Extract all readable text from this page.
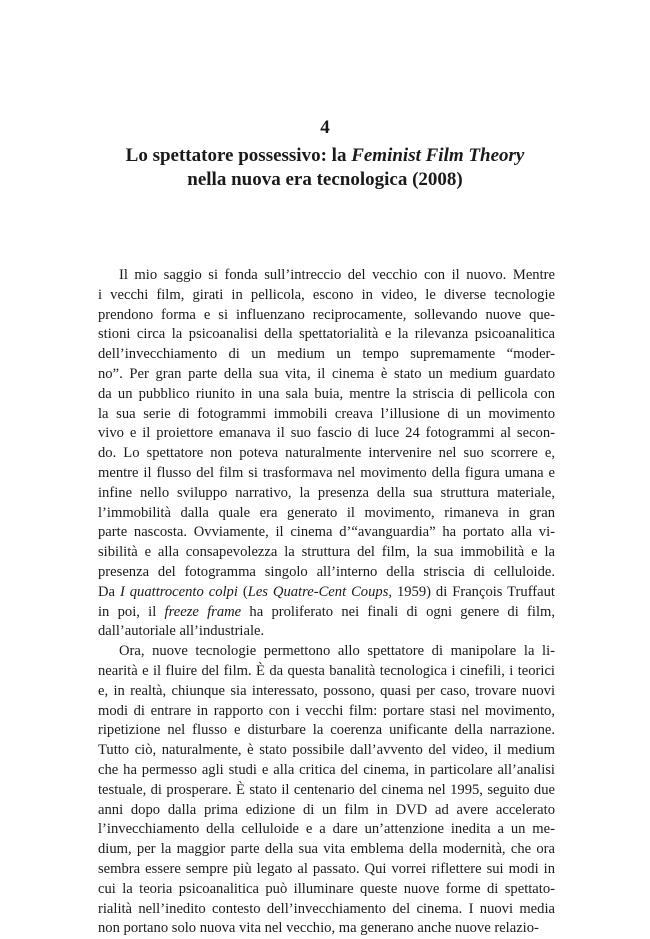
4
Lo spettatore possessivo: la Feminist Film Theory
nella nuova era tecnologica (2008)
Il mio saggio si fonda sull’intreccio del vecchio con il nuovo. Mentre
i vecchi film, girati in pellicola, escono in video, le diverse tecnologie
prendono forma e si influenzano reciprocamente, sollevando nuove que-
stioni circa la psicoanalisi della spettatorialità e la rilevanza psicoanalitica
dell’invecchiamento di un medium un tempo supremamente “moder-
no”. Per gran parte della sua vita, il cinema è stato un medium guardato
da un pubblico riunito in una sala buia, mentre la striscia di pellicola con
la sua serie di fotogrammi immobili creava l’illusione di un movimento
vivo e il proiettore emanava il suo fascio di luce 24 fotogrammi al secon-
do. Lo spettatore non poteva naturalmente intervenire nel suo scorrere e,
mentre il flusso del film si trasformava nel movimento della figura umana e
infine nello sviluppo narrativo, la presenza della sua struttura materiale,
l’immobilità dalla quale era generato il movimento, rimaneva in gran
parte nascosta. Ovviamente, il cinema d’“avanguardia” ha portato alla vi-
sibilità e alla consapevolezza la struttura del film, la sua immobilità e la
presenza del fotogramma singolo all’interno della striscia di celluloide.
Da I quattrocento colpi (Les Quatre-Cent Coups, 1959) di François Truffaut
in poi, il freeze frame ha proliferato nei finali di ogni genere di film,
dall’autoriale all’industriale.
Ora, nuove tecnologie permettono allo spettatore di manipolare la li-
nearità e il fluire del film. È da questa banalità tecnologica i cinefili, i teorici
e, in realtà, chiunque sia interessato, possono, quasi per caso, trovare nuovi
modi di entrare in rapporto con i vecchi film: portare stasi nel movimento,
ripetizione nel flusso e disturbare la coerenza unificante della narrazione.
Tutto ciò, naturalmente, è stato possibile dall’avvento del video, il medium
che ha permesso agli studi e alla critica del cinema, in particolare all’analisi
testuale, di prosperare. È stato il centenario del cinema nel 1995, seguito due
anni dopo dalla prima edizione di un film in DVD ad avere accelerato
l’invecchiamento della celluloide e a dare un’attenzione inedita a un me-
dium, per la maggior parte della sua vita emblema della modernità, che ora
sembra essere sempre più legato al passato. Qui vorrei riflettere sui modi in
cui la teoria psicoanalitica può illuminare queste nuove forme di spettato-
rialità nell’inedito contesto dell’invecchiamento del cinema. I nuovi media
non portano solo nuova vita nel vecchio, ma generano anche nuove relazio-
